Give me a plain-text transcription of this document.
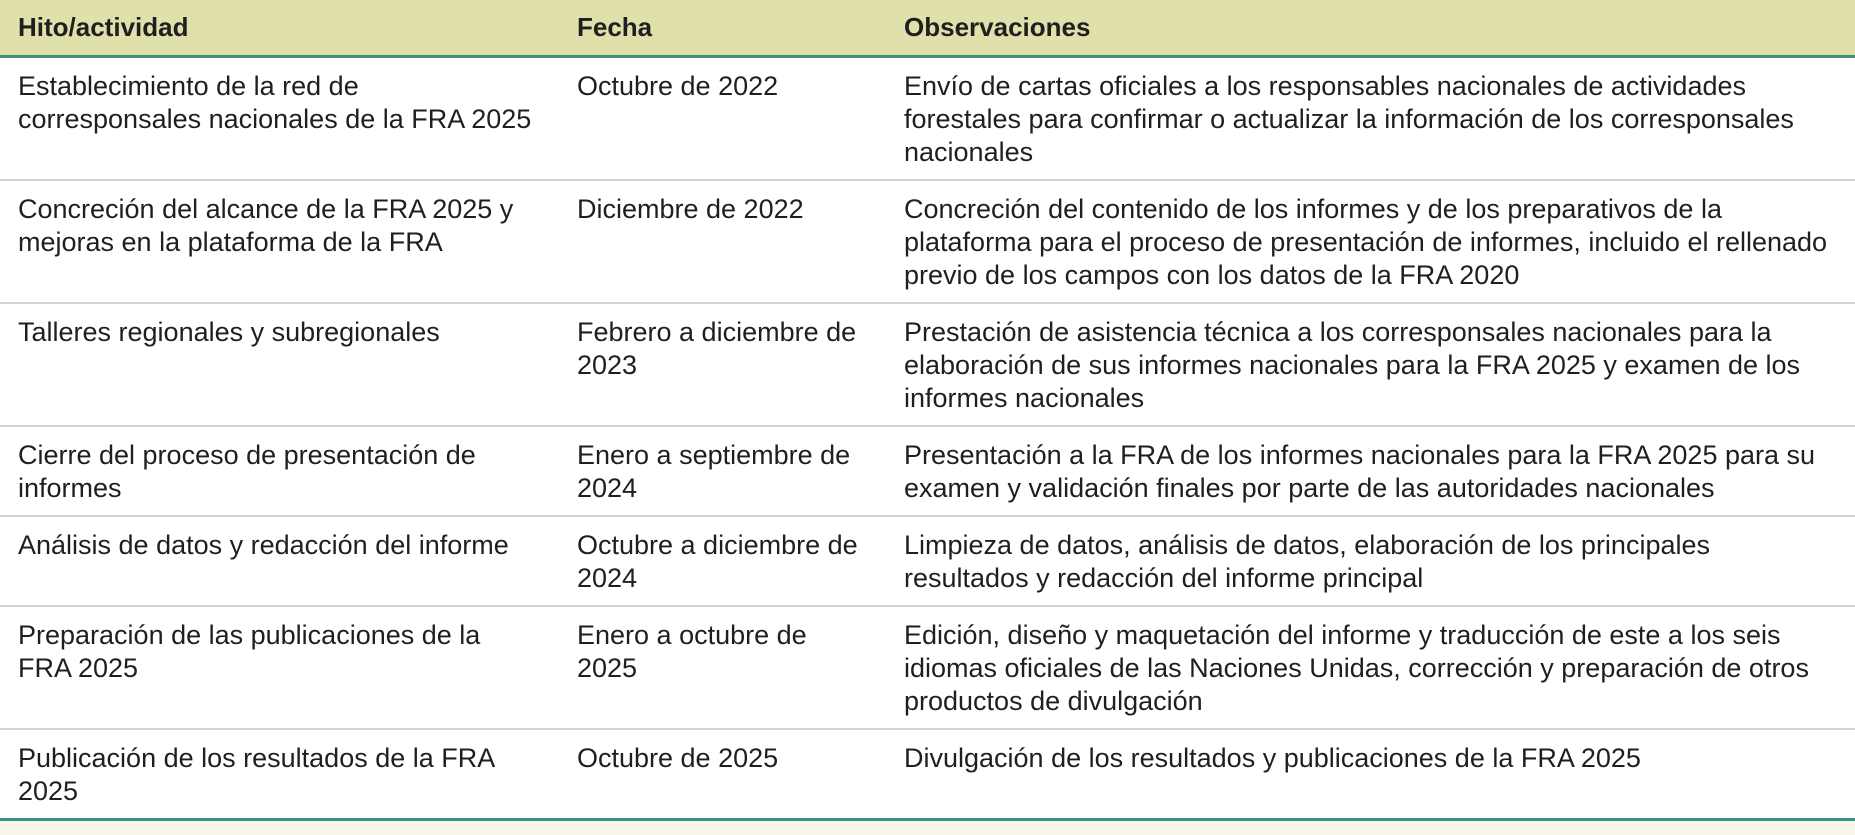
Hito/actividad	Fecha	Observaciones
Establecimiento de la red de corresponsales nacionales de la FRA 2025	Octubre de 2022	Envío de cartas oficiales a los responsables nacionales de actividades forestales para confirmar o actualizar la información de los corresponsales nacionales
Concreción del alcance de la FRA 2025 y mejoras en la plataforma de la FRA	Diciembre de 2022	Concreción del contenido de los informes y de los preparativos de la plataforma para el proceso de presentación de informes, incluido el rellenado previo de los campos con los datos de la FRA 2020
Talleres regionales y subregionales	Febrero a diciembre de 2023	Prestación de asistencia técnica a los corresponsales nacionales para la elaboración de sus informes nacionales para la FRA 2025 y examen de los informes nacionales
Cierre del proceso de presentación de informes	Enero a septiembre de 2024	Presentación a la FRA de los informes nacionales para la FRA 2025 para su examen y validación finales por parte de las autoridades nacionales
Análisis de datos y redacción del informe	Octubre a diciembre de 2024	Limpieza de datos, análisis de datos, elaboración de los principales resultados y redacción del informe principal
Preparación de las publicaciones de la FRA 2025	Enero a octubre de 2025	Edición, diseño y maquetación del informe y traducción de este a los seis idiomas oficiales de las Naciones Unidas, corrección y preparación de otros productos de divulgación
Publicación de los resultados de la FRA 2025	Octubre de 2025	Divulgación de los resultados y publicaciones de la FRA 2025
